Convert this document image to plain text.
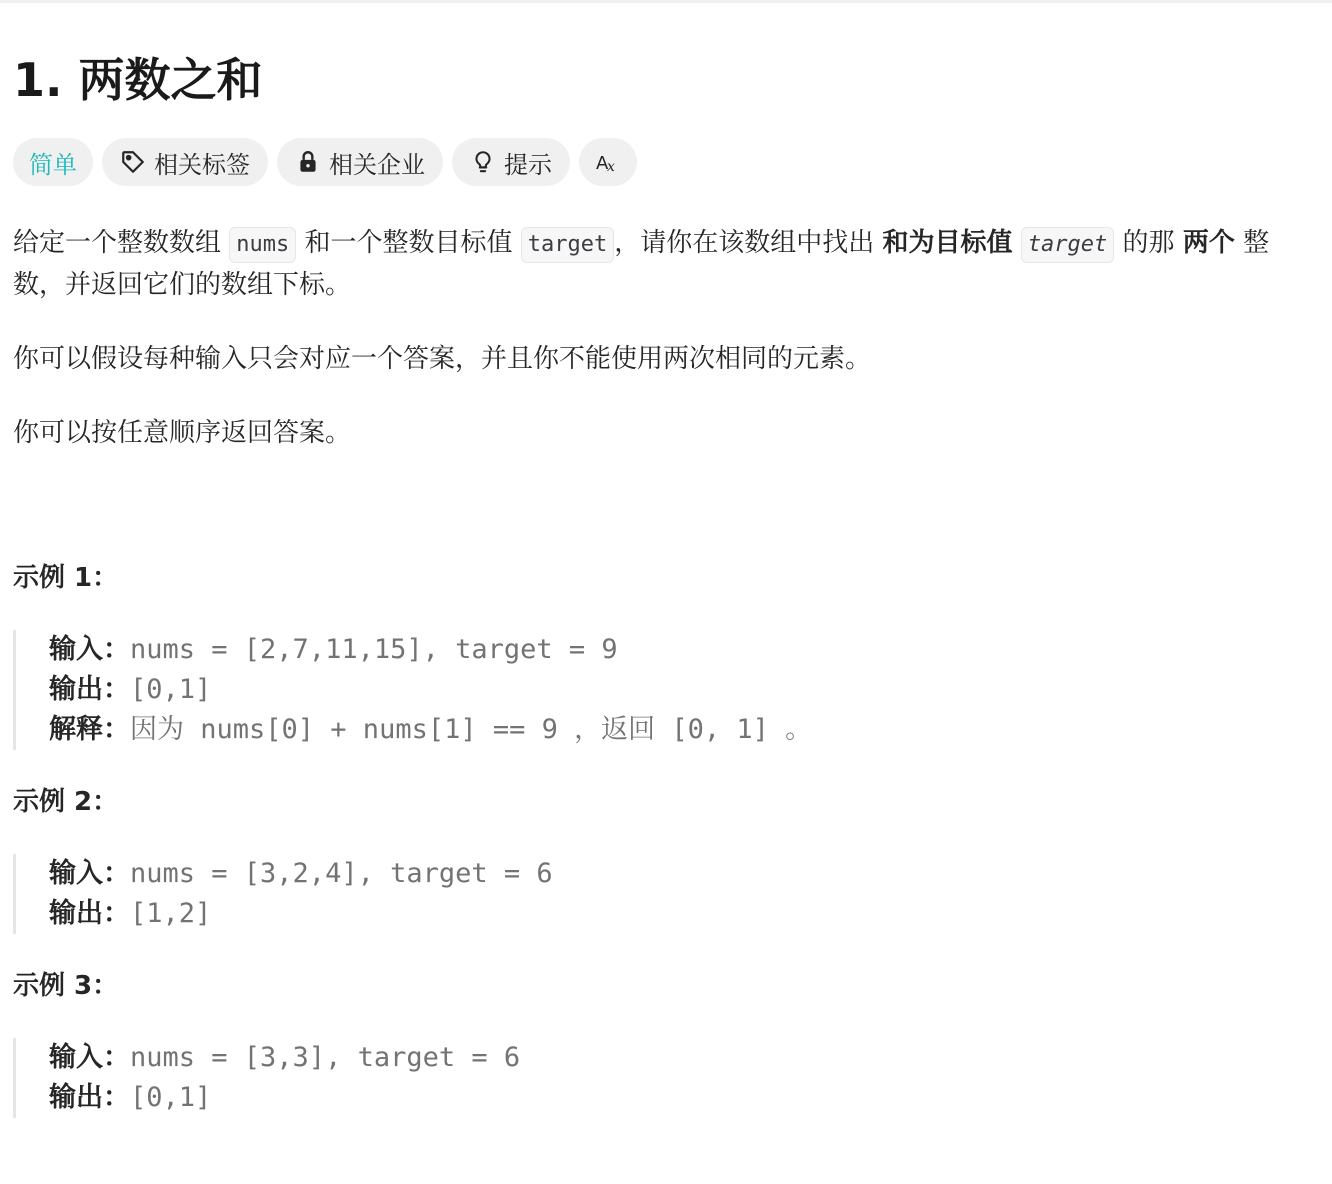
1. 两数之和
简单	相关标签	相关企业	提示 A
x

给定一个整数数组 nums 和一个整数目标值 target ，请你在该数组中找出 和为目标值 target 的那 两个 整数，并返回它们的数组下标。

你可以假设每种输入只会对应一个答案，并且你不能使用两次相同的元素。

你可以按任意顺序返回答案。

示例 1：

输入：nums = [2,7,11,15], target = 9
输出：[0,1]
解释：因为 nums[0] + nums[1] == 9 ，返回 [0, 1] 。

示例 2：

输入：nums = [3,2,4], target = 6
输出：[1,2]

示例 3：

输入：nums = [3,3], target = 6
输出：[0,1]
